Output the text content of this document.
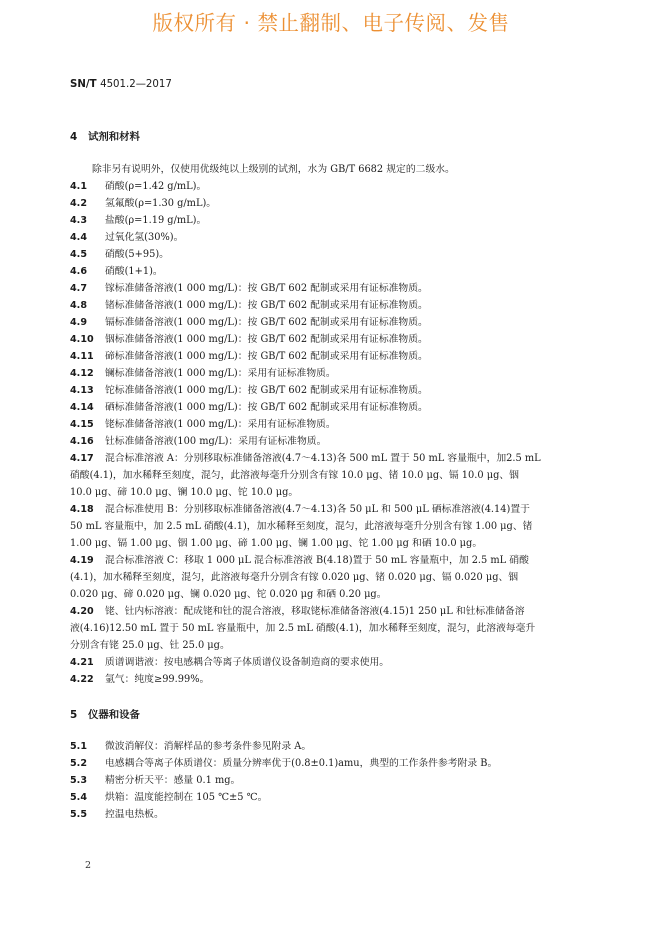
版权所有 · 禁止翻制、电子传阅、发售
SN/T 4501.2—2017
4 试剂和材料
除非另有说明外，仅使用优级纯以上级别的试剂，水为 GB/T 6682 规定的二级水。
4.1 硝酸(ρ=1.42 g/mL)。
4.2 氢氟酸(ρ=1.30 g/mL)。
4.3 盐酸(ρ=1.19 g/mL)。
4.4 过氧化氢(30%)。
4.5 硝酸(5+95)。
4.6 硝酸(1+1)。
4.7 镓标准储备溶液(1 000 mg/L)：按 GB/T 602 配制或采用有证标准物质。
4.8 锗标准储备溶液(1 000 mg/L)：按 GB/T 602 配制或采用有证标准物质。
4.9 镉标准储备溶液(1 000 mg/L)：按 GB/T 602 配制或采用有证标准物质。
4.10 铟标准储备溶液(1 000 mg/L)：按 GB/T 602 配制或采用有证标准物质。
4.11 碲标准储备溶液(1 000 mg/L)：按 GB/T 602 配制或采用有证标准物质。
4.12 镧标准储备溶液(1 000 mg/L)：采用有证标准物质。
4.13 铊标准储备溶液(1 000 mg/L)：按 GB/T 602 配制或采用有证标准物质。
4.14 硒标准储备溶液(1 000 mg/L)：按 GB/T 602 配制或采用有证标准物质。
4.15 铑标准储备溶液(1 000 mg/L)：采用有证标准物质。
4.16 钍标准储备溶液(100 mg/L)：采用有证标准物质。
4.17 混合标准溶液 A：分别移取标准储备溶液(4.7～4.13)各 500 mL 置于 50 mL 容量瓶中，加2.5 mL
硝酸(4.1)，加水稀释至刻度，混匀，此溶液每毫升分别含有镓 10.0 μg、锗 10.0 μg、镉 10.0 μg、铟
10.0 μg、碲 10.0 μg、镧 10.0 μg、铊 10.0 μg。
4.18 混合标准使用 B：分别移取标准储备溶液(4.7～4.13)各 50 μL 和 500 μL 硒标准溶液(4.14)置于
50 mL 容量瓶中，加 2.5 mL 硝酸(4.1)，加水稀释至刻度，混匀，此溶液每毫升分别含有镓 1.00 μg、锗
1.00 μg、镉 1.00 μg、铟 1.00 μg、碲 1.00 μg、镧 1.00 μg、铊 1.00 μg 和硒 10.0 μg。
4.19 混合标准溶液 C：移取 1 000 μL 混合标准溶液 B(4.18)置于 50 mL 容量瓶中，加 2.5 mL 硝酸
(4.1)，加水稀释至刻度，混匀，此溶液每毫升分别含有镓 0.020 μg、锗 0.020 μg、镉 0.020 μg、铟
0.020 μg、碲 0.020 μg、镧 0.020 μg、铊 0.020 μg 和硒 0.20 μg。
4.20 铑、钍内标溶液：配成铑和钍的混合溶液，移取铑标准储备溶液(4.15)1 250 μL 和钍标准储备溶
液(4.16)12.50 mL 置于 50 mL 容量瓶中，加 2.5 mL 硝酸(4.1)，加水稀释至刻度，混匀，此溶液每毫升
分别含有铑 25.0 μg、钍 25.0 μg。
4.21 质谱调谐液：按电感耦合等离子体质谱仪设备制造商的要求使用。
4.22 氩气：纯度≥99.99%。
5 仪器和设备
5.1 微波消解仪：消解样品的参考条件参见附录 A。
5.2 电感耦合等离子体质谱仪：质量分辨率优于(0.8±0.1)amu，典型的工作条件参考附录 B。
5.3 精密分析天平：感量 0.1 mg。
5.4 烘箱：温度能控制在 105 ℃±5 ℃。
5.5 控温电热板。
2
